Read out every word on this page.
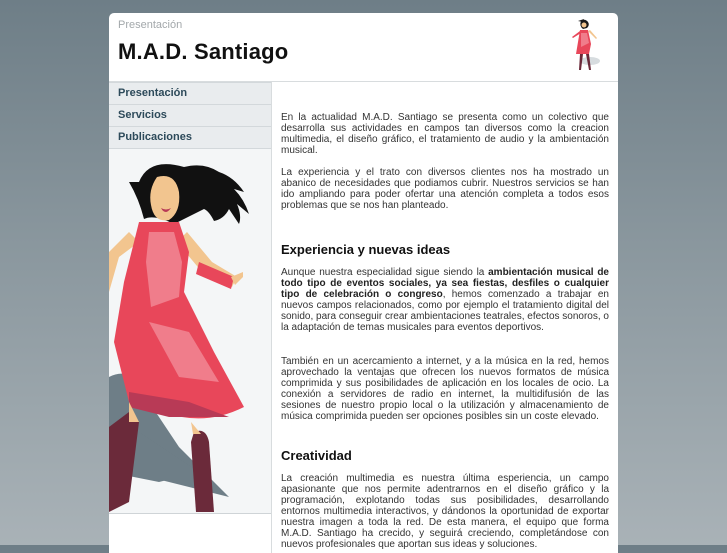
Presentación
M.A.D. Santiago
Presentación
Servicios
Publicaciones

En la actualidad M.A.D. Santiago se presenta como un colectivo que desarrolla sus actividades en campos tan diversos como la creacion multimedia, el diseño gráfico, el tratamiento de audio y la ambientación musical.

La experiencia y el trato con diversos clientes nos ha mostrado un abanico de necesidades que podiamos cubrir. Nuestros servicios se han ido ampliando para poder ofertar una atención completa a todos esos problemas que se nos han planteado.

Experiencia y nuevas ideas

Aunque nuestra especialidad sigue siendo la ambientación musical de todo tipo de eventos sociales, ya sea fiestas, desfiles o cualquier tipo de celebración o congreso, hemos comenzado a trabajar en nuevos campos relacionados, como por ejemplo el tratamiento digital del sonido, para conseguir crear ambientaciones teatrales, efectos sonoros, o la adaptación de temas musicales para eventos deportivos.

También en un acercamiento a internet, y a la música en la red, hemos aprovechado la ventajas que ofrecen los nuevos formatos de música comprimida y sus posibilidades de aplicación en los locales de ocio. La conexión a servidores de radio en internet, la multidifusión de las sesiones de nuestro propio local o la utilización y almacenamiento de música comprimida pueden ser opciones posibles sin un coste elevado.

Creatividad

La creación multimedia es nuestra última esperiencia, un campo apasionante que nos permite adentrarnos en el diseño gráfico y la programación, explotando todas sus posibilidades, desarrollando entornos multimedia interactivos, y dándonos la oportunidad de exportar nuestra imagen a toda la red. De esta manera, el equipo que forma M.A.D. Santiago ha crecido, y seguirá creciendo, completándose con nuevos profesionales que aportan sus ideas y soluciones.
